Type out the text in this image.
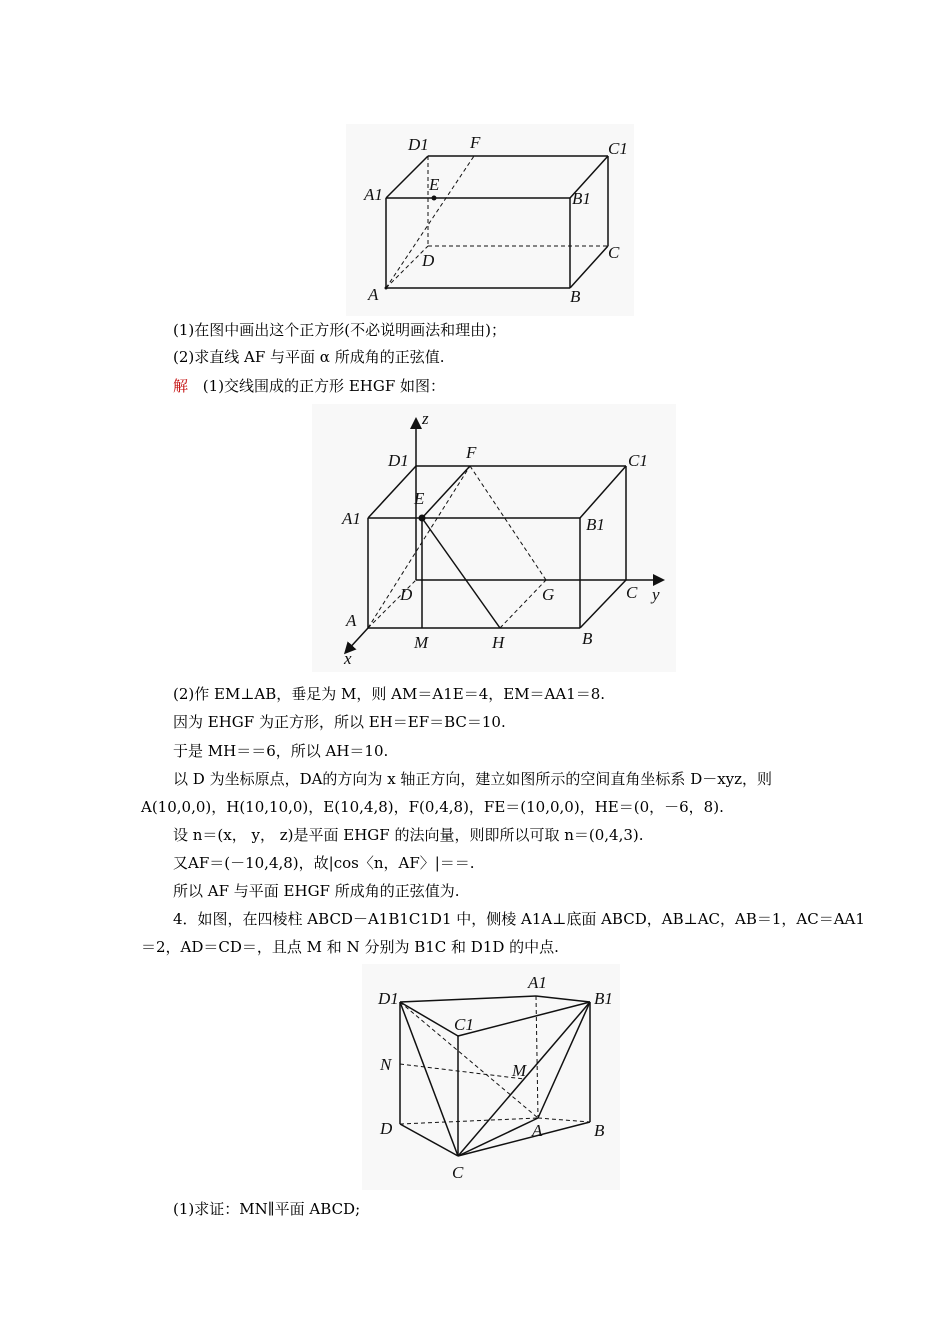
D1 F	C1
A1
E
B1
D	C
A	B
(1)在图中画出这个正方形(不必说明画法和理由)；
(2)求直线 AF 与平面 α 所成角的正弦值.
解 (1)交线围成的正方形 EHGF 如图：
z
D1	F	C1
E
A1	B1
D	G	C y
A
M	H	B
x
(2)作 EM⊥AB，垂足为 M，则 AM＝A1E＝4，EM＝AA1＝8.
因为 EHGF 为正方形，所以 EH＝EF＝BC＝10.
于是 MH＝＝6，所以 AH＝10.
以 D 为坐标原点，DA的方向为 x 轴正方向，建立如图所示的空间直角坐标系 D－xyz，则
A(10,0,0)，H(10,10,0)，E(10,4,8)，F(0,4,8)，FE＝(10,0,0)，HE＝(0，－6，8).
设 n＝(x， y， z)是平面 EHGF 的法向量，则即所以可取 n＝(0,4,3).
又AF＝(－10,4,8)，故|cos〈n，AF〉|＝＝.
所以 AF 与平面 EHGF 所成角的正弦值为.
4．如图，在四棱柱 ABCD－A1B1C1D1 中，侧棱 A1A⊥底面 ABCD，AB⊥AC，AB＝1，AC＝AA1
＝2，AD＝CD＝，且点 M 和 N 分别为 B1C 和 D1D 的中点.
D1
A1
B1
C1
N	M
D	A	B
C
(1)求证：MN∥平面 ABCD;
